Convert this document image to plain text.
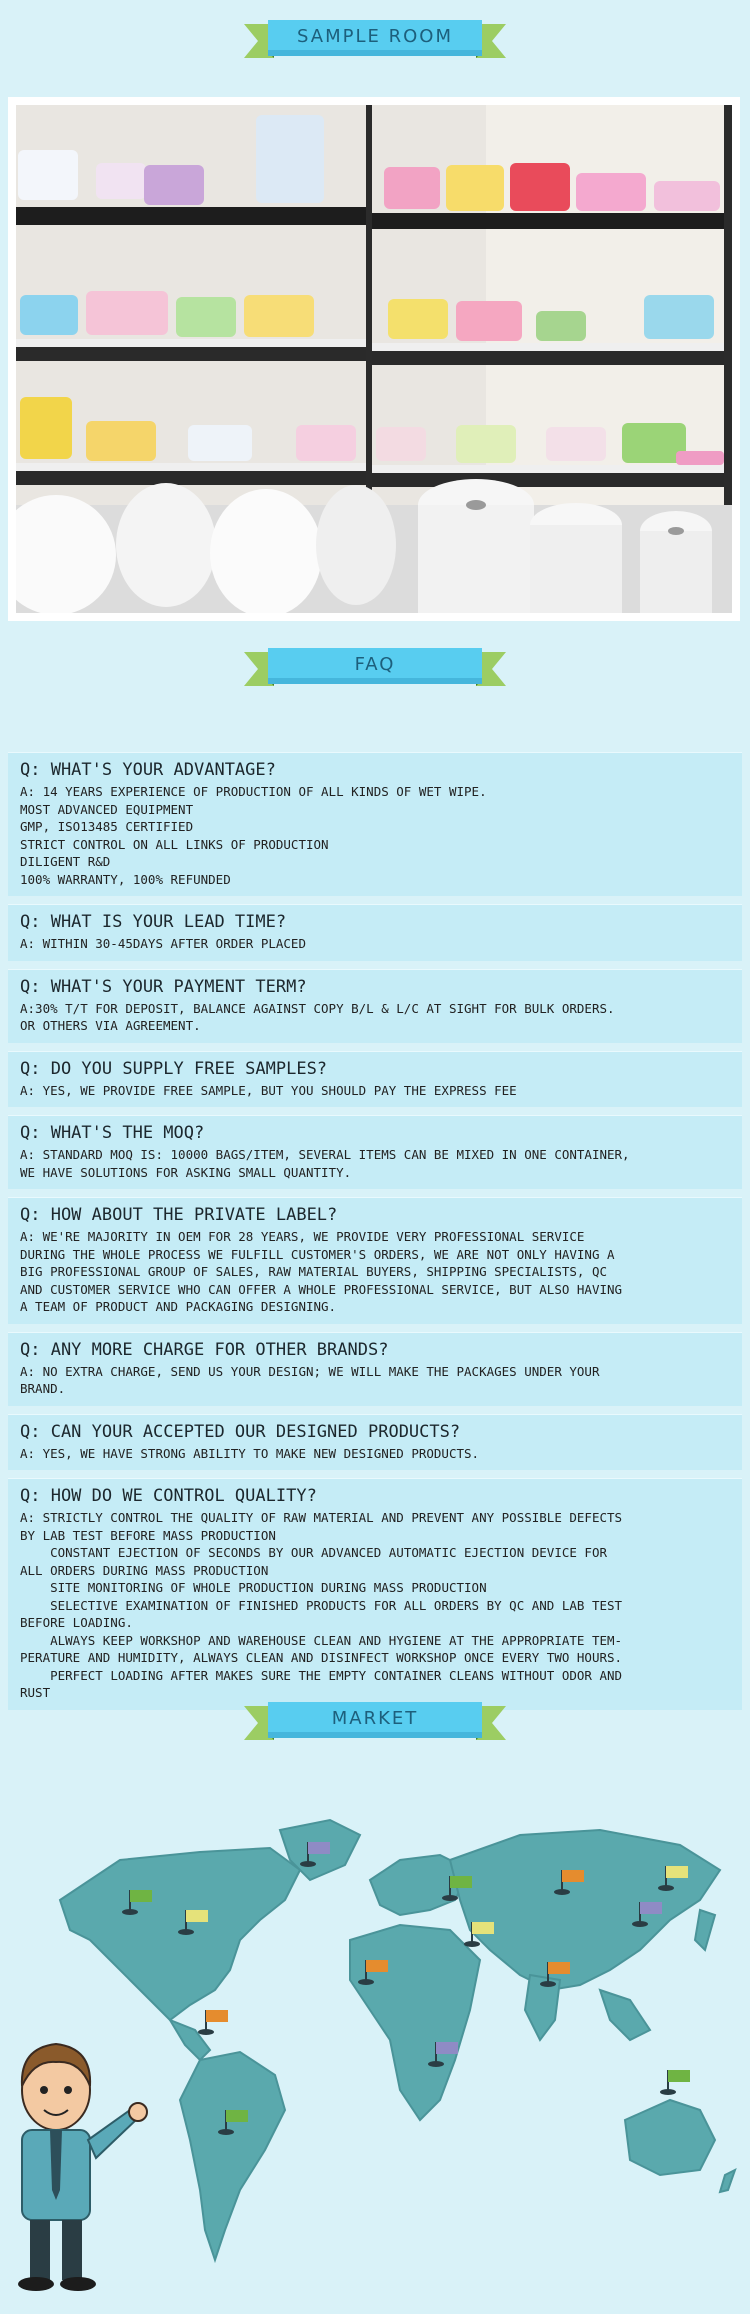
SAMPLE ROOM
FAQ

Q: WHAT'S YOUR ADVANTAGE?

A: 14 YEARS EXPERIENCE OF PRODUCTION OF ALL KINDS OF WET WIPE.
MOST ADVANCED EQUIPMENT
GMP, ISO13485 CERTIFIED
STRICT CONTROL ON ALL LINKS OF PRODUCTION
DILIGENT R&D
100% WARRANTY, 100% REFUNDED

Q: WHAT IS YOUR LEAD TIME?

A: WITHIN 30-45DAYS AFTER ORDER PLACED

Q: WHAT'S YOUR PAYMENT TERM?

A:30% T/T FOR DEPOSIT, BALANCE AGAINST COPY B/L & L/C AT SIGHT FOR BULK ORDERS.
OR OTHERS VIA AGREEMENT.

Q: DO YOU SUPPLY FREE SAMPLES?

A: YES, WE PROVIDE FREE SAMPLE, BUT YOU SHOULD PAY THE EXPRESS FEE

Q: WHAT'S THE MOQ?

A: STANDARD MOQ IS: 10000 BAGS/ITEM, SEVERAL ITEMS CAN BE MIXED IN ONE CONTAINER,
WE HAVE SOLUTIONS FOR ASKING SMALL QUANTITY.

Q: HOW ABOUT THE PRIVATE LABEL?

A: WE'RE MAJORITY IN OEM FOR 28 YEARS, WE PROVIDE VERY PROFESSIONAL SERVICE
DURING THE WHOLE PROCESS WE FULFILL CUSTOMER'S ORDERS, WE ARE NOT ONLY HAVING A
BIG PROFESSIONAL GROUP OF SALES, RAW MATERIAL BUYERS, SHIPPING SPECIALISTS, QC
AND CUSTOMER SERVICE WHO CAN OFFER A WHOLE PROFESSIONAL SERVICE, BUT ALSO HAVING
A TEAM OF PRODUCT AND PACKAGING DESIGNING.

Q: ANY MORE CHARGE FOR OTHER BRANDS?

A: NO EXTRA CHARGE, SEND US YOUR DESIGN; WE WILL MAKE THE PACKAGES UNDER YOUR
BRAND.

Q: CAN YOUR ACCEPTED OUR DESIGNED PRODUCTS?

A: YES, WE HAVE STRONG ABILITY TO MAKE NEW DESIGNED PRODUCTS.

Q: HOW DO WE CONTROL QUALITY?

A: STRICTLY CONTROL THE QUALITY OF RAW MATERIAL AND PREVENT ANY POSSIBLE DEFECTS
BY LAB TEST BEFORE MASS PRODUCTION
CONSTANT EJECTION OF SECONDS BY OUR ADVANCED AUTOMATIC EJECTION DEVICE FOR
ALL ORDERS DURING MASS PRODUCTION
SITE MONITORING OF WHOLE PRODUCTION DURING MASS PRODUCTION
SELECTIVE EXAMINATION OF FINISHED PRODUCTS FOR ALL ORDERS BY QC AND LAB TEST
BEFORE LOADING.
ALWAYS KEEP WORKSHOP AND WAREHOUSE CLEAN AND HYGIENE AT THE APPROPRIATE TEM-
PERATURE AND HUMIDITY, ALWAYS CLEAN AND DISINFECT WORKSHOP ONCE EVERY TWO HOURS.
PERFECT LOADING AFTER MAKES SURE THE EMPTY CONTAINER CLEANS WITHOUT ODOR AND
RUST

MARKET
